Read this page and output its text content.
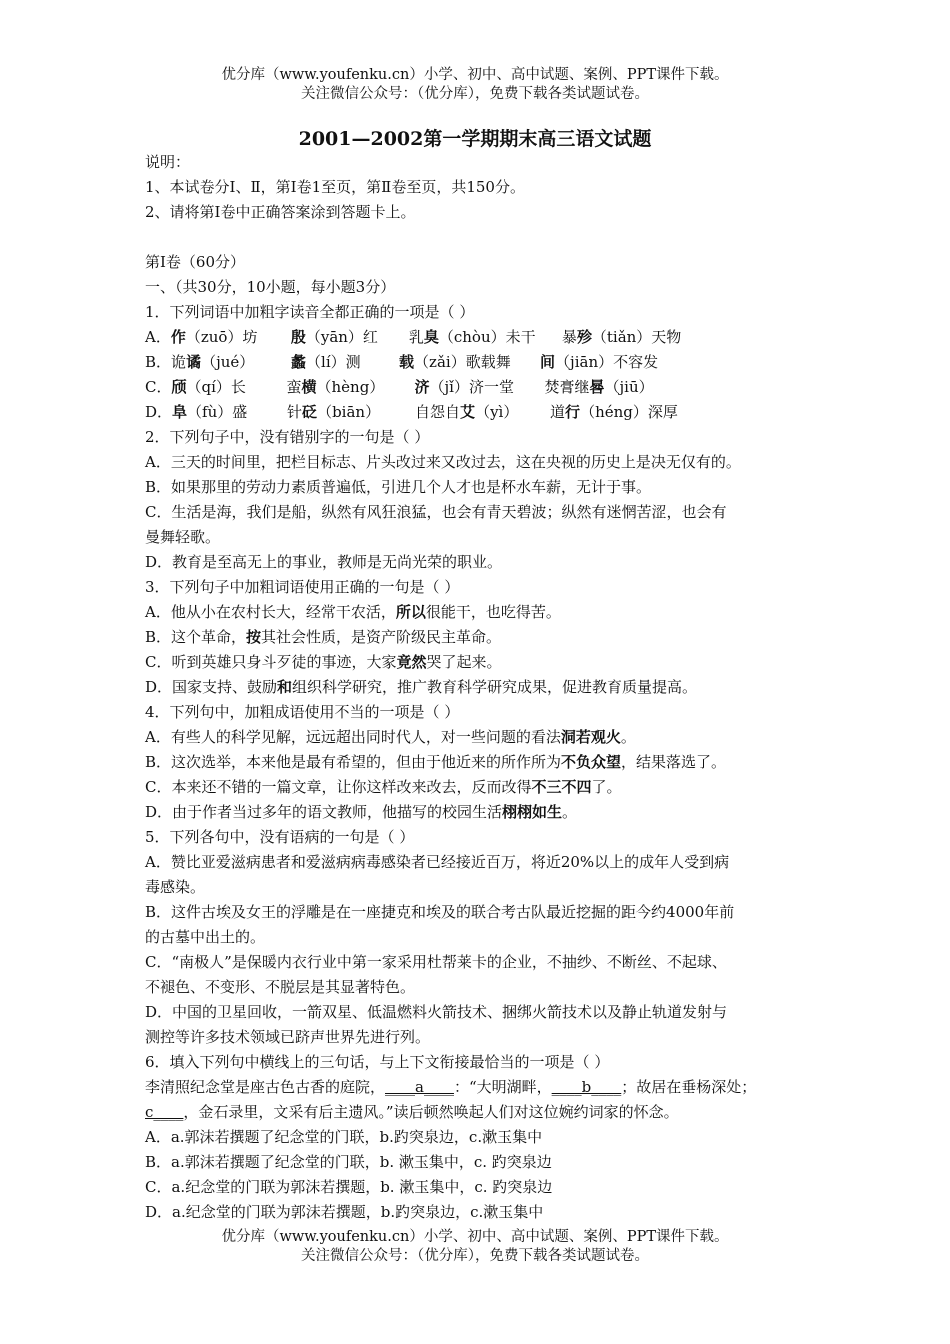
优分库（www.youfenku.cn）小学、初中、高中试题、案例、PPT课件下载。
关注微信公众号：（优分库），免费下载各类试题试卷。
2001—2002第一学期期末高三语文试题
说明：
1、本试卷分Ⅰ、Ⅱ，第Ⅰ卷1至页，第Ⅱ卷至页，共150分。
2、请将第Ⅰ卷中正确答案涂到答题卡上。
第Ⅰ卷（60分）
一、（共30分，10小题，每小题3分）
1．下列词语中加粗字读音全都正确的一项是（ ）
A．作（zuō）坊 殷（yān）红 乳臭（chòu）未干 暴殄（tiǎn）天物
B．诡谲（jué） 蠡（lí）测	载（zǎi）歌载舞 间（jiān）不容发
C．颀（qí）长	蛮横（hèng） 济（jǐ）济一堂 焚膏继晷（jiū）
D．阜（fù）盛	针砭（biān） 自怨自艾（yì） 道行（héng）深厚
2．下列句子中，没有错别字的一句是（ ）
A．三天的时间里，把栏目标志、片头改过来又改过去，这在央视的历史上是决无仅有的。
B．如果那里的劳动力素质普遍低，引进几个人才也是杯水车薪，无计于事。
C．生活是海，我们是船，纵然有风狂浪猛，也会有青天碧波；纵然有迷惘苦涩，也会有
曼舞轻歌。
D．教育是至高无上的事业，教师是无尚光荣的职业。
3．下列句子中加粗词语使用正确的一句是（ ）
A．他从小在农村长大，经常干农活，所以很能干，也吃得苦。
B．这个革命，按其社会性质，是资产阶级民主革命。
C．听到英雄只身斗歹徒的事迹，大家竟然哭了起来。
D．国家支持、鼓励和组织科学研究，推广教育科学研究成果，促进教育质量提高。
4．下列句中，加粗成语使用不当的一项是（ ）
A．有些人的科学见解，远远超出同时代人，对一些问题的看法洞若观火。
B．这次选举，本来他是最有希望的，但由于他近来的所作所为不负众望，结果落选了。
C．本来还不错的一篇文章，让你这样改来改去，反而改得不三不四了。
D．由于作者当过多年的语文教师，他描写的校园生活栩栩如生。
5．下列各句中，没有语病的一句是（ ）
A．赞比亚爱滋病患者和爱滋病病毒感染者已经接近百万，将近20%以上的成年人受到病
毒感染。
B．这件古埃及女王的浮雕是在一座捷克和埃及的联合考古队最近挖掘的距今约4000年前
的古墓中出土的。
C．“南极人”是保暖内衣行业中第一家采用杜帮莱卡的企业，不抽纱、不断丝、不起球、
不褪色、不变形、不脱层是其显著特色。
D．中国的卫星回收，一箭双星、低温燃料火箭技术、捆绑火箭技术以及静止轨道发射与
测控等许多技术领域已跻声世界先进行列。
6．填入下列句中横线上的三句话，与上下文衔接最恰当的一项是（ ）
李清照纪念堂是座古色古香的庭院，____a____：“大明湖畔，____b____；故居在垂杨深处；
c____，金石录里，文采有后主遗风。”读后顿然唤起人们对这位婉约词家的怀念。
A．a.郭沫若撰题了纪念堂的门联，b.趵突泉边，c.漱玉集中
B．a.郭沫若撰题了纪念堂的门联，b. 漱玉集中，c. 趵突泉边
C．a.纪念堂的门联为郭沫若撰题，b. 漱玉集中，c. 趵突泉边
D．a.纪念堂的门联为郭沫若撰题，b.趵突泉边，c.漱玉集中
优分库（www.youfenku.cn）小学、初中、高中试题、案例、PPT课件下载。
关注微信公众号：（优分库），免费下载各类试题试卷。
